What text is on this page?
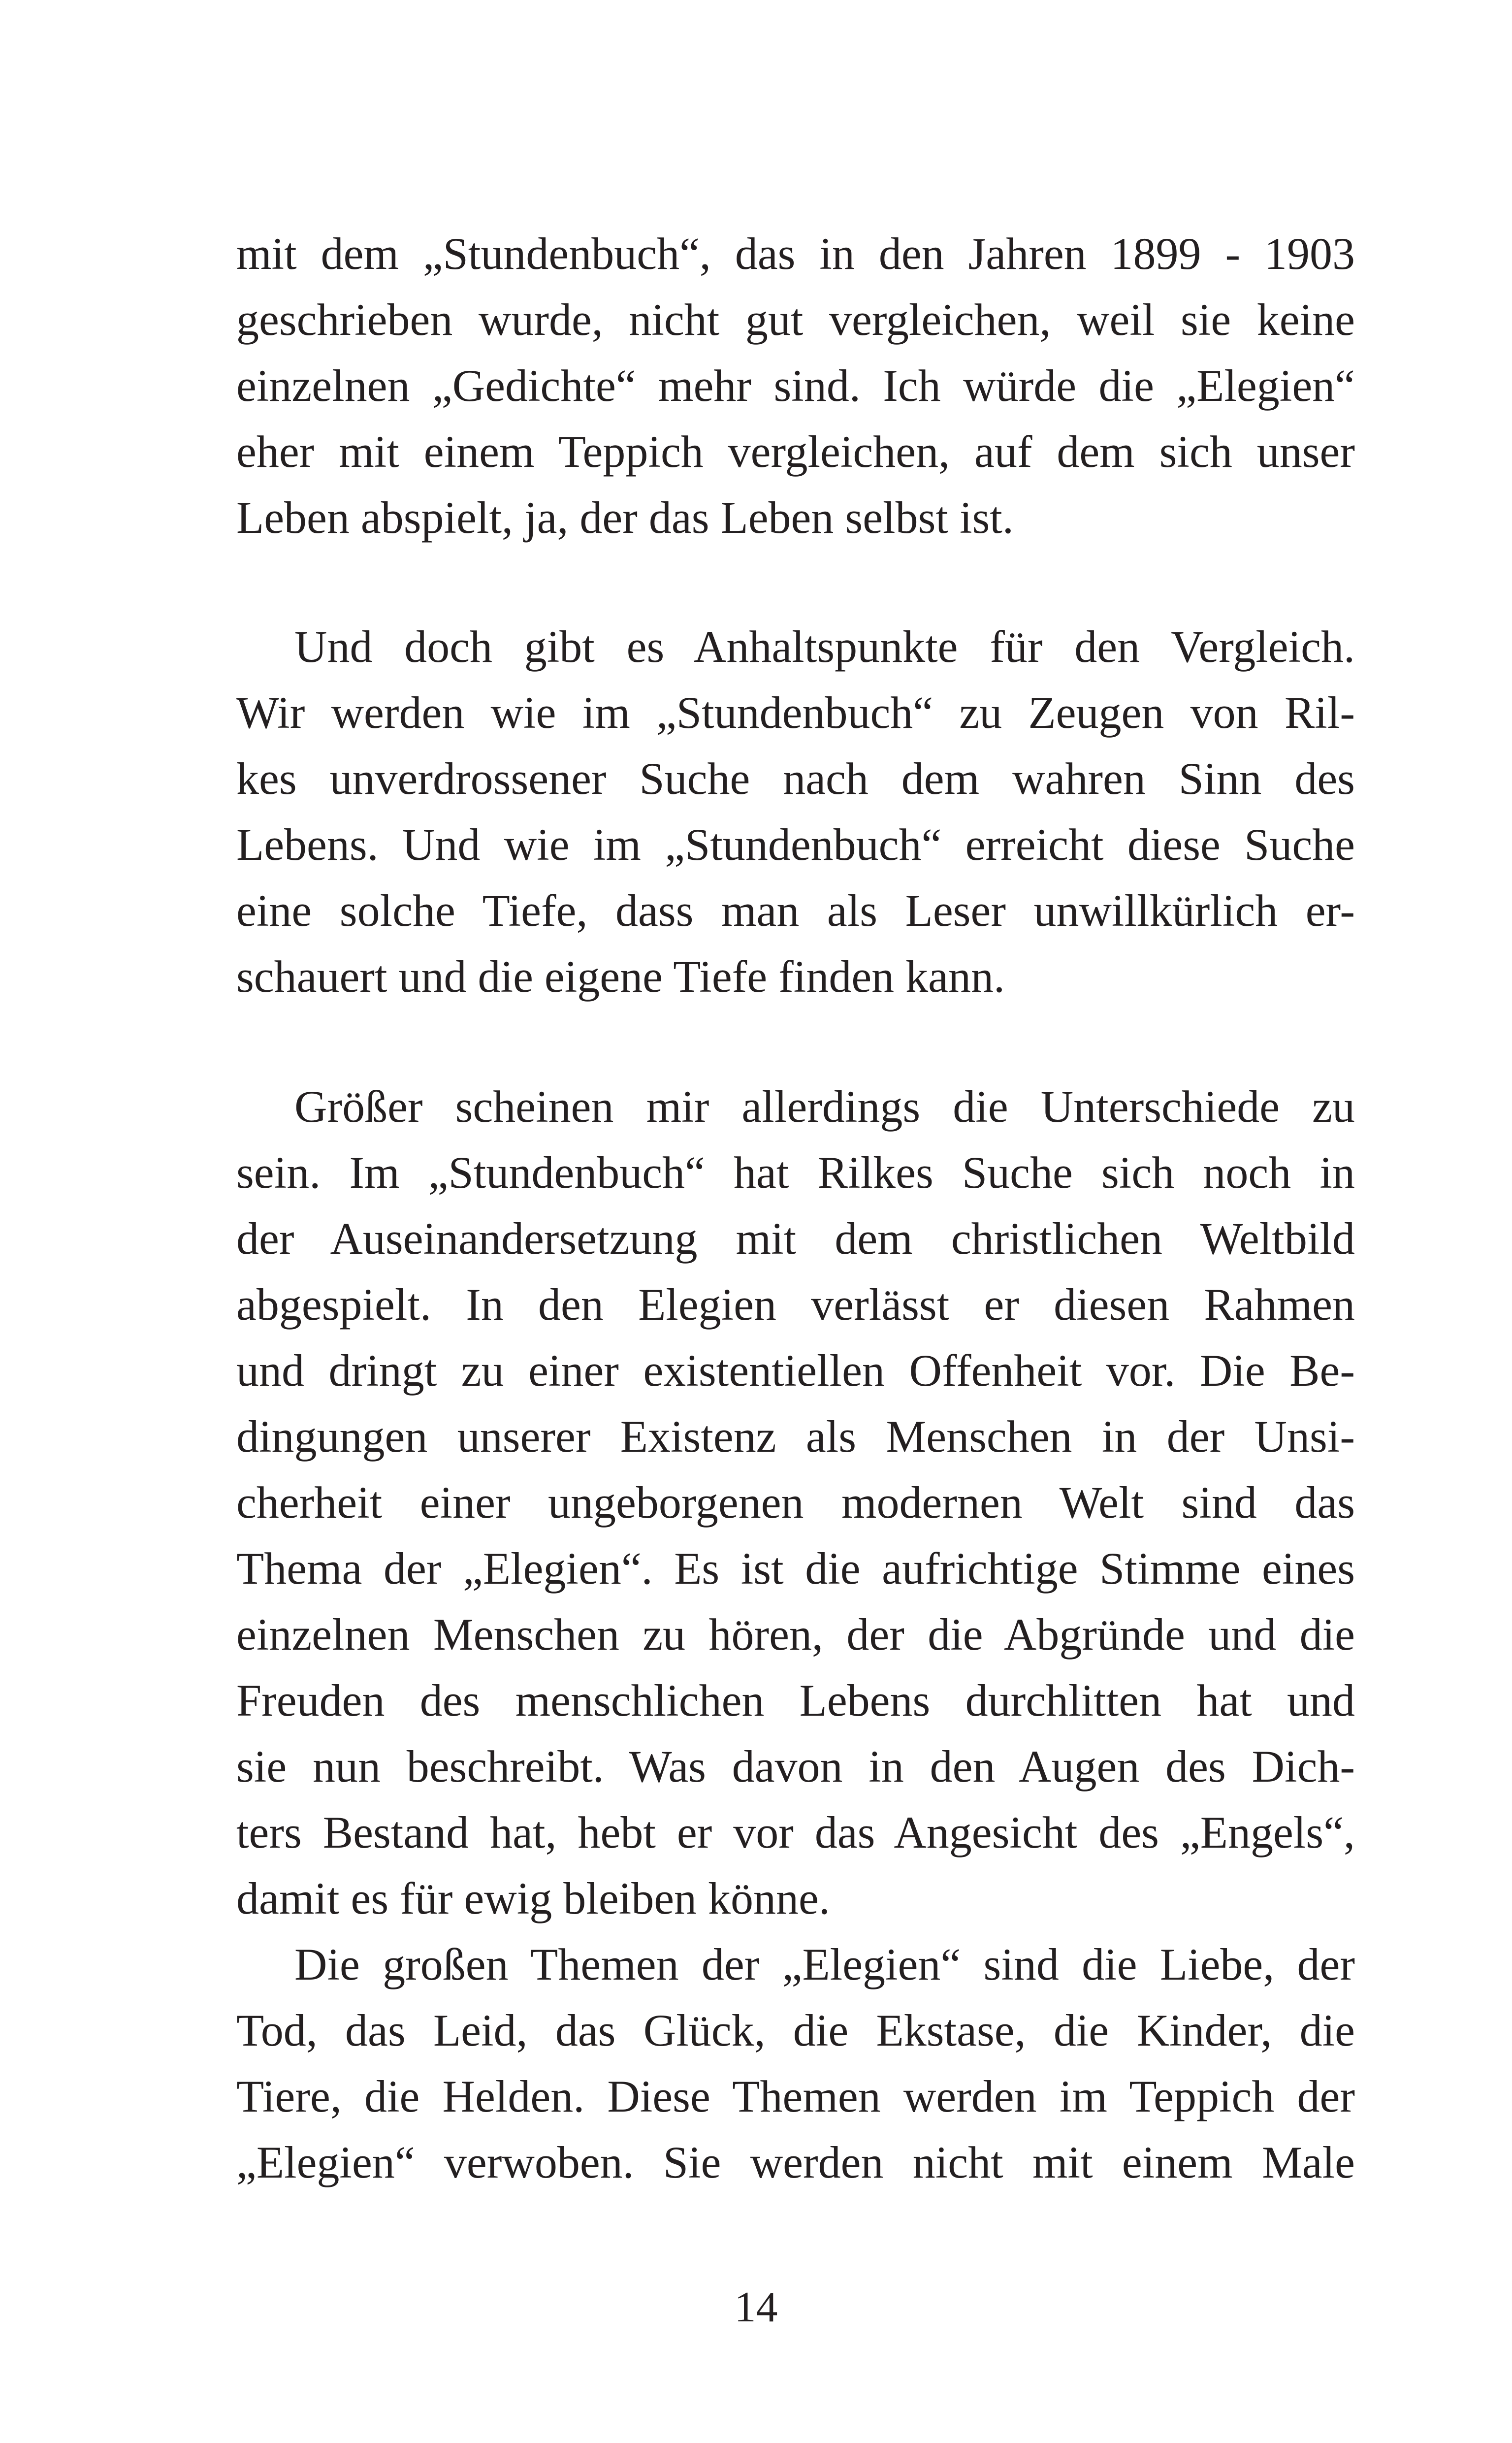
mit dem „Stundenbuch“, das in den Jahren 1899 - 1903
geschrieben wurde, nicht gut vergleichen, weil sie keine
einzelnen „Gedichte“ mehr sind. Ich würde die „Elegien“
eher mit einem Teppich vergleichen, auf dem sich unser
Leben abspielt, ja, der das Leben selbst ist.
Und doch gibt es Anhaltspunkte für den Vergleich.
Wir werden wie im „Stundenbuch“ zu Zeugen von Ril-
kes unverdrossener Suche nach dem wahren Sinn des
Lebens. Und wie im „Stundenbuch“ erreicht diese Suche
eine solche Tiefe, dass man als Leser unwillkürlich er-
schauert und die eigene Tiefe finden kann.
Größer scheinen mir allerdings die Unterschiede zu
sein. Im „Stundenbuch“ hat Rilkes Suche sich noch in
der Auseinandersetzung mit dem christlichen Weltbild
abgespielt. In den Elegien verlässt er diesen Rahmen
und dringt zu einer existentiellen Offenheit vor. Die Be-
dingungen unserer Existenz als Menschen in der Unsi-
cherheit einer ungeborgenen modernen Welt sind das
Thema der „Elegien“. Es ist die aufrichtige Stimme eines
einzelnen Menschen zu hören, der die Abgründe und die
Freuden des menschlichen Lebens durchlitten hat und
sie nun beschreibt. Was davon in den Augen des Dich-
ters Bestand hat, hebt er vor das Angesicht des „Engels“,
damit es für ewig bleiben könne.
Die großen Themen der „Elegien“ sind die Liebe, der
Tod, das Leid, das Glück, die Ekstase, die Kinder, die
Tiere, die Helden. Diese Themen werden im Teppich der
„Elegien“ verwoben. Sie werden nicht mit einem Male
14
